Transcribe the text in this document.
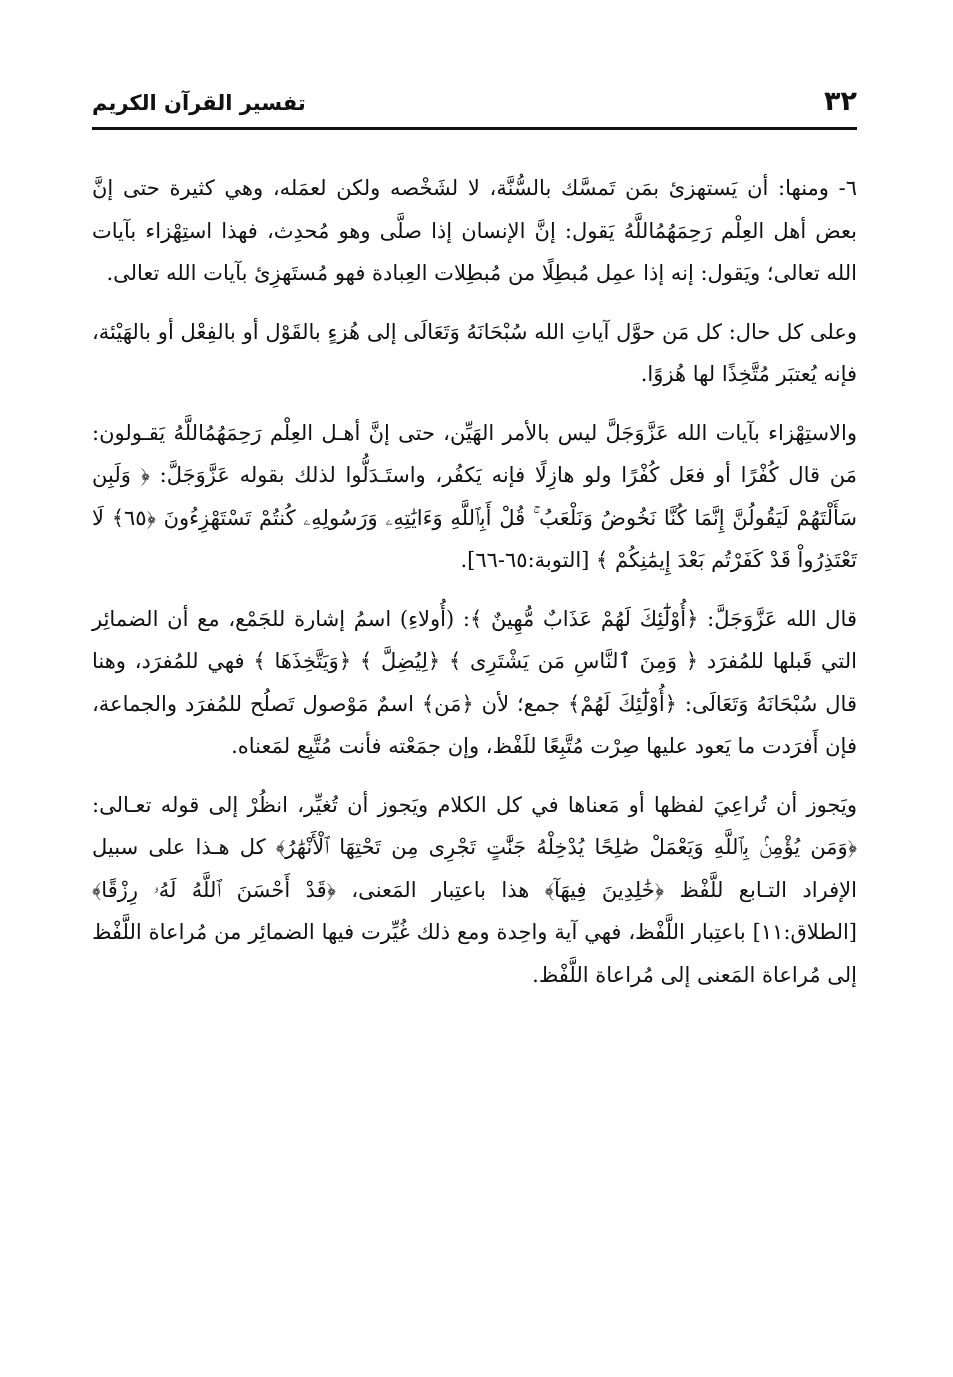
٣٢
تفسير القرآن الكريم

٦- ومنها: أن يَستهزئ بمَن تَمسَّك بالسُّنَّة، لا لشَخْصه ولكن لعمَله، وهي كثيرة حتى إنَّ بعض أهل العِلْم رَحِمَهُمُاللَّهُ يَقول: إنَّ الإنسان إذا صلَّى وهو مُحدِث، فهذا استِهْزاء بآيات الله تعالى؛ ويَقول: إنه إذا عمِل مُبطِلًا من مُبطِلات العِبادة فهو مُستَهزِئ بآيات الله تعالى.

وعلى كل حال: كل مَن حوَّل آياتِ الله سُبْحَانَهُ وَتَعَالَى إلى هُزءٍ بالقَوْل أو بالفِعْل أو بالهَيْئة، فإنه يُعتبَر مُتَّخِذًا لها هُزوًا.

والاستِهْزاء بآيات الله عَزَّوَجَلَّ ليس بالأمر الهَيِّن، حتى إنَّ أهـل العِلْم رَحِمَهُمُاللَّهُ يَقـولون: مَن قال كُفْرًا أو فعَل كُفْرًا ولو هازِلًا فإنه يَكفُر، واستَـدَلُّوا لذلك بقوله عَزَّوَجَلَّ: ﴿ وَلَبِن سَأَلْتَهُمْ لَيَقُولُنَّ إِنَّمَا كُنَّا نَخُوضُ وَنَلْعَبُ ۚ قُلْ أَبِٱللَّهِ وَءَايَٰتِهِۦ وَرَسُولِهِۦ كُنتُمْ تَسْتَهْزِءُونَ ﴿٦٥﴾ لَا تَعْتَذِرُواْ قَدْ كَفَرْتُم بَعْدَ إِيمَٰنِكُمْ ﴾ [التوبة:٦٥-٦٦].

قال الله عَزَّوَجَلَّ: ﴿أُوْلَٰٓئِكَ لَهُمْ عَذَابٌ مُّهِينٌ ﴾: (أُولاءِ) اسمُ إشارة للجَمْع، مع أن الضمائِر التي قَبلها للمُفرَد ﴿ وَمِنَ ٱلنَّاسِ مَن يَشْتَرِى ﴾ ﴿لِيُضِلَّ ﴾ ﴿وَيَتَّخِذَهَا ﴾ فهي للمُفرَد، وهنا قال سُبْحَانَهُ وَتَعَالَى: ﴿أُوْلَٰٓئِكَ لَهُمْ﴾ جمع؛ لأن ﴿مَن﴾ اسمٌ مَوْصول تَصلُح للمُفرَد والجماعة، فإن أَفرَدت ما يَعود عليها صِرْت مُتَّبِعًا للَفْظ، وإن جمَعْته فأنت مُتَّبِع لمَعناه.

ويَجوز أن تُراعِيَ لفظها أو مَعناها في كل الكلام ويَجوز أن تُغيِّر، انظُرْ إلى قوله تعـالى: ﴿وَمَن يُؤْمِنۢ بِٱللَّهِ وَيَعْمَلْ صَٰلِحًا يُدْخِلْهُ جَنَّٰتٍ تَجْرِى مِن تَحْتِهَا ٱلْأَنْهَٰرُ﴾ كل هـذا على سبيل الإفراد التـابع للَّفْظ ﴿خَٰلِدِينَ فِيهَآ﴾ هذا باعتِبار المَعنى، ﴿قَدْ أَحْسَنَ ٱللَّهُ لَهُۥ رِزْقًا﴾ [الطلاق:١١] باعتِبار اللَّفْظ، فهي آية واحِدة ومع ذلك غُيِّرت فيها الضمائِر من مُراعاة اللَّفْظ إلى مُراعاة المَعنى إلى مُراعاة اللَّفْظ.
